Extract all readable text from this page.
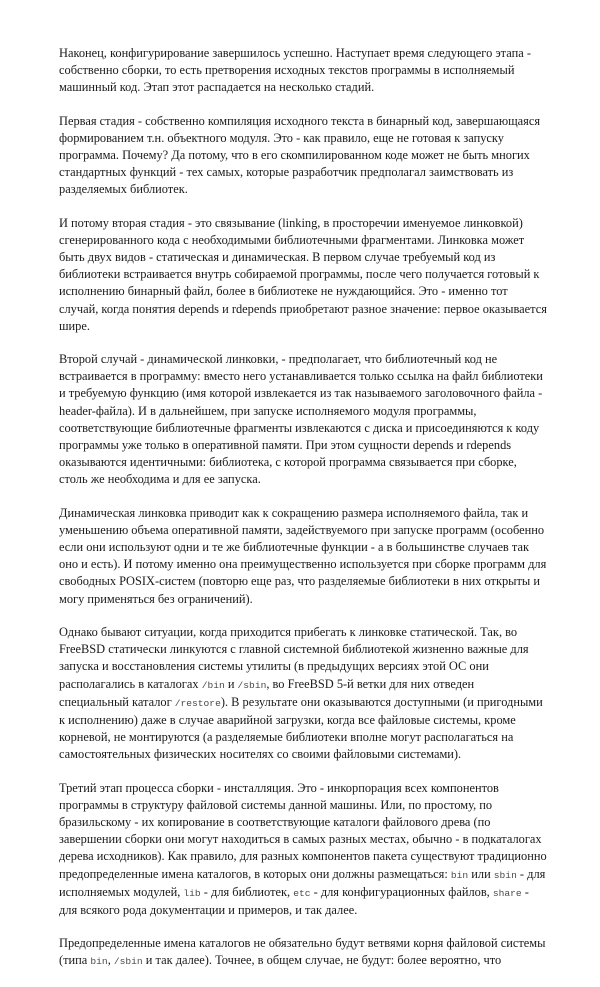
Наконец, конфигурирование завершилось успешно. Наступает время следующего этапа - собственно сборки, то есть претворения исходных текстов программы в исполняемый машинный код. Этап этот распадается на несколько стадий.

Первая стадия - собственно компиляция исходного текста в бинарный код, завершающаяся формированием т.н. объектного модуля. Это - как правило, еще не готовая к запуску программа. Почему? Да потому, что в его скомпилированном коде может не быть многих стандартных функций - тех самых, которые разработчик предполагал заимствовать из разделяемых библиотек.

И потому вторая стадия - это связывание (linking, в просторечии именуемое линковкой) сгенерированного кода с необходимыми библиотечными фрагментами. Линковка может быть двух видов - статическая и динамическая. В первом случае требуемый код из библиотеки встраивается внутрь собираемой программы, после чего получается готовый к исполнению бинарный файл, более в библиотеке не нуждающийся. Это - именно тот случай, когда понятия depends и rdepends приобретают разное значение: первое оказывается шире.

Второй случай - динамической линковки, - предполагает, что библиотечный код не встраивается в программу: вместо него устанавливается только ссылка на файл библиотеки и требуемую функцию (имя которой извлекается из так называемого заголовочного файла - header-файла). И в дальнейшем, при запуске исполняемого модуля программы, соответствующие библиотечные фрагменты извлекаются с диска и присоединяются к коду программы уже только в оперативной памяти. При этом сущности depends и rdepends оказываются идентичными: библиотека, с которой программа связывается при сборке, столь же необходима и для ее запуска.

Динамическая линковка приводит как к сокращению размера исполняемого файла, так и уменьшению объема оперативной памяти, задействуемого при запуске программ (особенно если они используют одни и те же библиотечные функции - а в большинстве случаев так оно и есть). И потому именно она преимущественно используется при сборке программ для свободных POSIX-систем (повторю еще раз, что разделяемые библиотеки в них открыты и могу применяться без ограничений).

Однако бывают ситуации, когда приходится прибегать к линковке статической. Так, во FreeBSD статически линкуются с главной системной библиотекой жизненно важные для запуска и восстановления системы утилиты (в предыдущих версиях этой ОС они располагались в каталогах /bin и /sbin, во FreeBSD 5-й ветки для них отведен специальный каталог /restore). В результате они оказываются доступными (и пригодными к исполнению) даже в случае аварийной загрузки, когда все файловые системы, кроме корневой, не монтируются (а разделяемые библиотеки вполне могут располагаться на самостоятельных физических носителях со своими файловыми системами).

Третий этап процесса сборки - инсталляция. Это - инкорпорация всех компонентов программы в структуру файловой системы данной машины. Или, по простому, по бразильскому - их копирование в соответствующие каталоги файлового древа (по завершении сборки они могут находиться в самых разных местах, обычно - в подкаталогах дерева исходников). Как правило, для разных компонентов пакета существуют традиционно предопределенные имена каталогов, в которых они должны размещаться: bin или sbin - для исполняемых модулей, lib - для библиотек, etc - для конфигурационных файлов, share - для всякого рода документации и примеров, и так далее.

Предопределенные имена каталогов не обязательно будут ветвями корня файловой системы (типа bin, /sbin и так далее). Точнее, в общем случае, не будут: более вероятно, что
